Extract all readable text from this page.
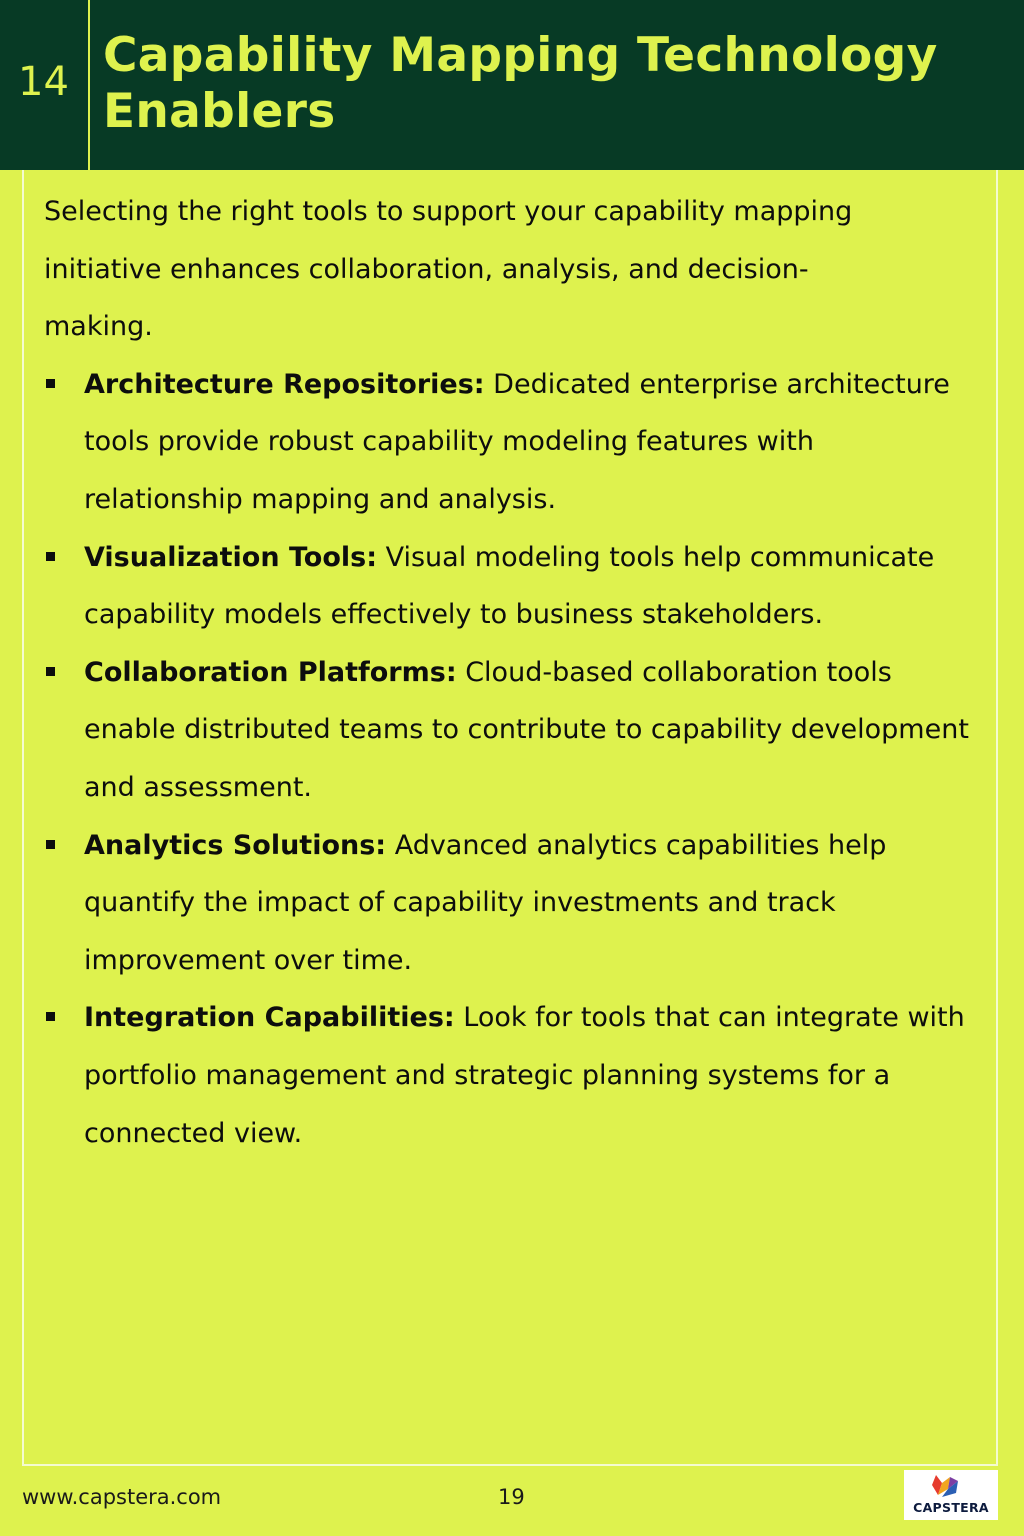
14 Capability Mapping Technology Enablers

Selecting the right tools to support your capability mapping initiative enhances collaboration, analysis, and decision-making.

Architecture Repositories: Dedicated enterprise architecture tools provide robust capability modeling features with relationship mapping and analysis.
Visualization Tools: Visual modeling tools help communicate capability models effectively to business stakeholders.
Collaboration Platforms: Cloud-based collaboration tools enable distributed teams to contribute to capability development and assessment.
Analytics Solutions: Advanced analytics capabilities help quantify the impact of capability investments and track improvement over time.
Integration Capabilities: Look for tools that can integrate with portfolio management and strategic planning systems for a connected view.
www.capstera.com	19	CAPSTERA
